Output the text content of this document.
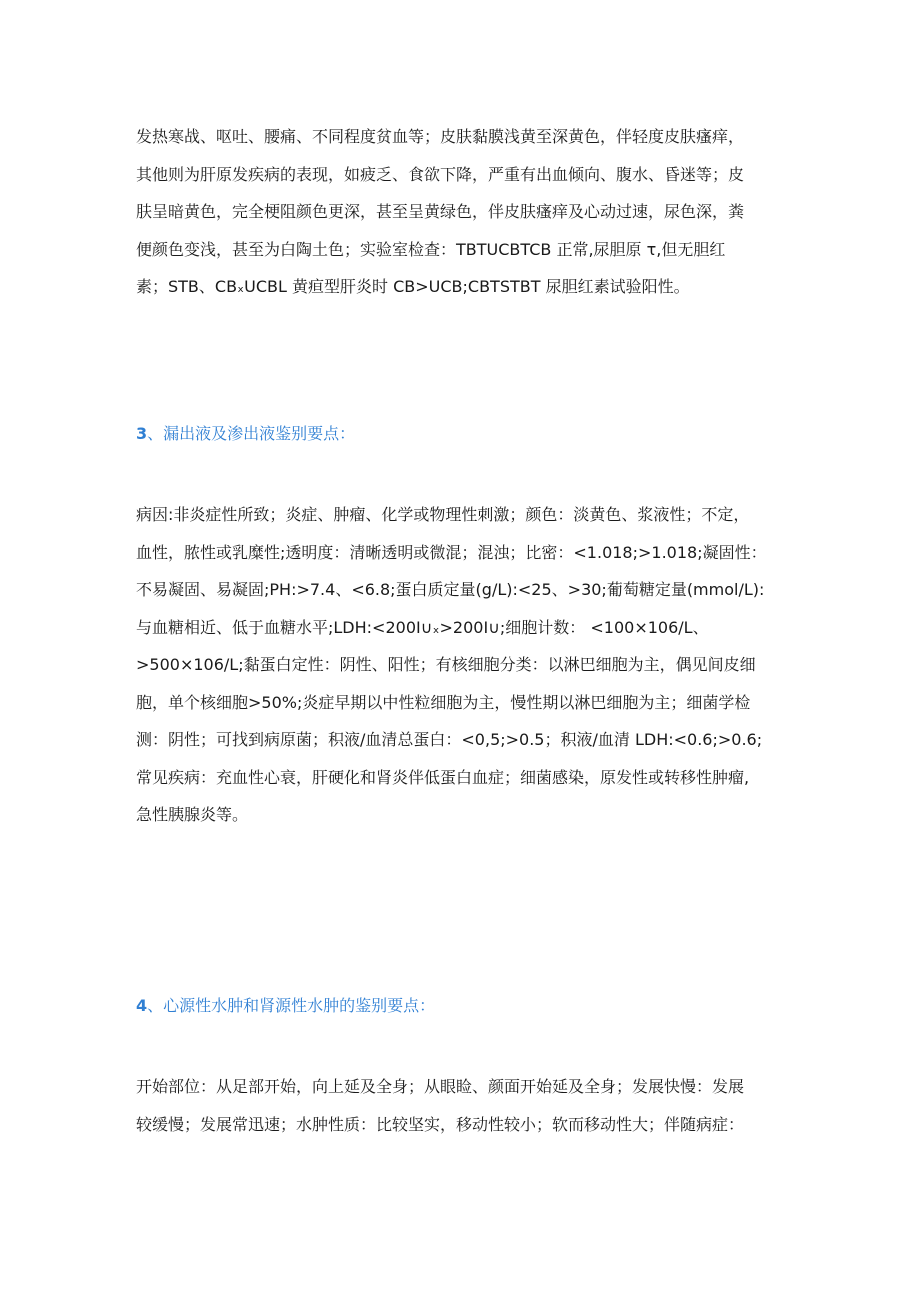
发热寒战、呕吐、腰痛、不同程度贫血等；皮肤黏膜浅黄至深黄色，伴轻度皮肤瘙痒，
其他则为肝原发疾病的表现，如疲乏、食欲下降，严重有出血倾向、腹水、昏迷等；皮
肤呈暗黄色，完全梗阻颜色更深，甚至呈黄绿色，伴皮肤瘙痒及心动过速，尿色深，粪
便颜色变浅，甚至为白陶土色；实验室检查：TBTUCBTCB 正常,尿胆原 τ,但无胆红
素；STB、CBₓUCBL 黄疸型肝炎时 CB>UCB;CBTSTBT 尿胆红素试验阳性。
3、漏出液及渗出液鉴别要点：
病因:非炎症性所致；炎症、肿瘤、化学或物理性刺激；颜色：淡黄色、浆液性；不定，
血性，脓性或乳糜性;透明度：清晰透明或微混；混浊；比密：<1.018;>1.018;凝固性：
不易凝固、易凝固;PH:>7.4、<6.8;蛋白质定量(g/L):<25、>30;葡萄糖定量(mmol/L):
与血糖相近、低于血糖水平;LDH:<200I∪ₓ>200I∪;细胞计数： <100×106/L、
>500×106/L;黏蛋白定性：阴性、阳性；有核细胞分类：以淋巴细胞为主，偶见间皮细
胞，单个核细胞>50%;炎症早期以中性粒细胞为主，慢性期以淋巴细胞为主；细菌学检
测：阴性；可找到病原菌；积液/血清总蛋白：<0,5;>0.5；积液/血清 LDH:<0.6;>0.6;
常见疾病：充血性心衰，肝硬化和肾炎伴低蛋白血症；细菌感染，原发性或转移性肿瘤,
急性胰腺炎等。
4、心源性水肿和肾源性水肿的鉴别要点：
开始部位：从足部开始，向上延及全身；从眼睑、颜面开始延及全身；发展快慢：发展
较缓慢；发展常迅速；水肿性质：比较坚实，移动性较小；软而移动性大；伴随病症：
